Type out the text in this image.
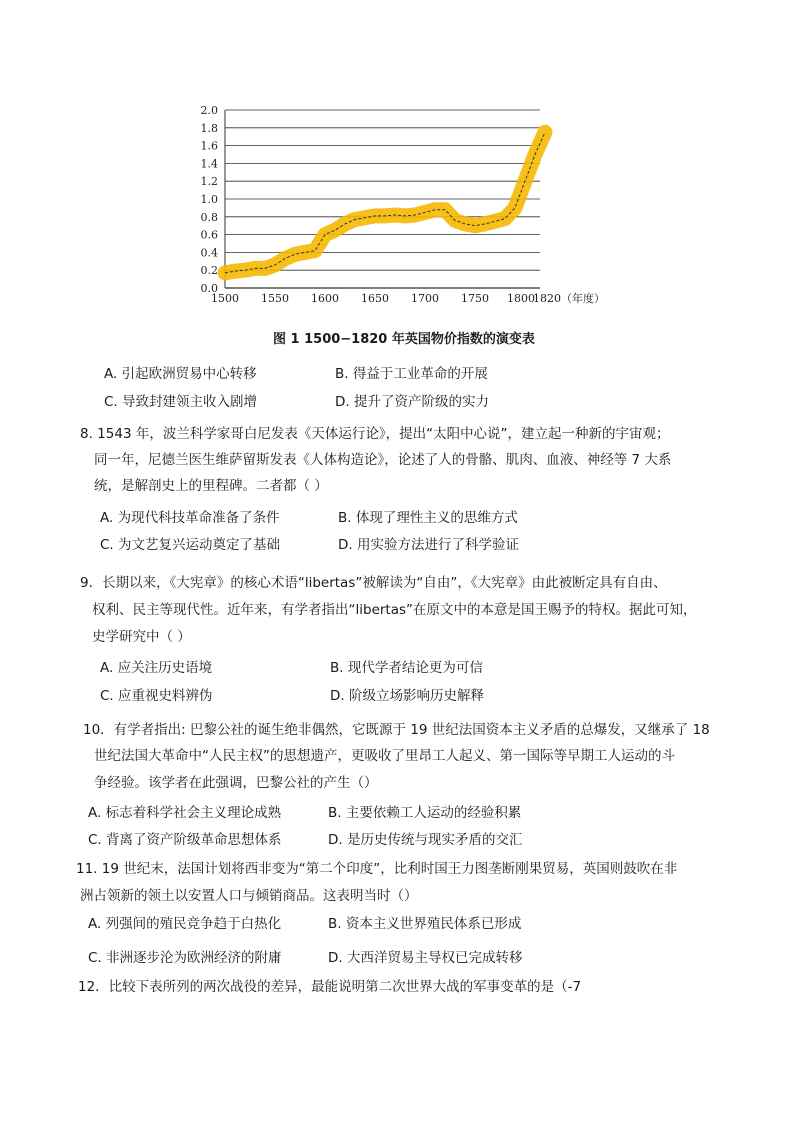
0.0
0.2
0.4
0.6
0.8
1.0
1.2
1.4
1.6
1.8
2.0
1500 1550 1600 1650 1700 1750 1800
1820 （年度）
图 1 1500−1820 年英国物价指数的演变表
A. 引起欧洲贸易中心转移	B. 得益于工业革命的开展
C. 导致封建领主收入剧增	D. 提升了资产阶级的实力
8. 1543 年，波兰科学家哥白尼发表《天体运行论》，提出“太阳中心说”，建立起一种新的宇宙观；
同一年，尼德兰医生维萨留斯发表《人体构造论》，论述了人的骨骼、肌肉、血液、神经等 7 大系
统，是解剖史上的里程碑。二者都（ ）
A. 为现代科技革命准备了条件	B. 体现了理性主义的思维方式
C. 为文艺复兴运动奠定了基础	D. 用实验方法进行了科学验证
9．长期以来，《大宪章》的核心术语“libertas”被解读为“自由”，《大宪章》由此被断定具有自由、
权利、民主等现代性。近年来，有学者指出“libertas”在原文中的本意是国王赐予的特权。据此可知，
史学研究中（ ）
A. 应关注历史语境	B. 现代学者结论更为可信
C. 应重视史料辨伪	D. 阶级立场影响历史解释
10．有学者指出: 巴黎公社的诞生绝非偶然，它既源于 19 世纪法国资本主义矛盾的总爆发，又继承了 18
世纪法国大革命中“人民主权”的思想遗产，更吸收了里昂工人起义、第一国际等早期工人运动的斗
争经验。该学者在此强调，巴黎公社的产生（）
A. 标志着科学社会主义理论成熟	B. 主要依赖工人运动的经验积累
C. 背离了资产阶级革命思想体系	D. 是历史传统与现实矛盾的交汇
11. 19 世纪末，法国计划将西非变为“第二个印度”，比利时国王力图垄断刚果贸易，英国则鼓吹在非
洲占领新的领土以安置人口与倾销商品。这表明当时（）
A. 列强间的殖民竞争趋于白热化	B. 资本主义世界殖民体系已形成
C. 非洲逐步沦为欧洲经济的附庸	D. 大西洋贸易主导权已完成转移
12．比较下表所列的两次战役的差异，最能说明第二次世界大战的军事变革的是（-7
